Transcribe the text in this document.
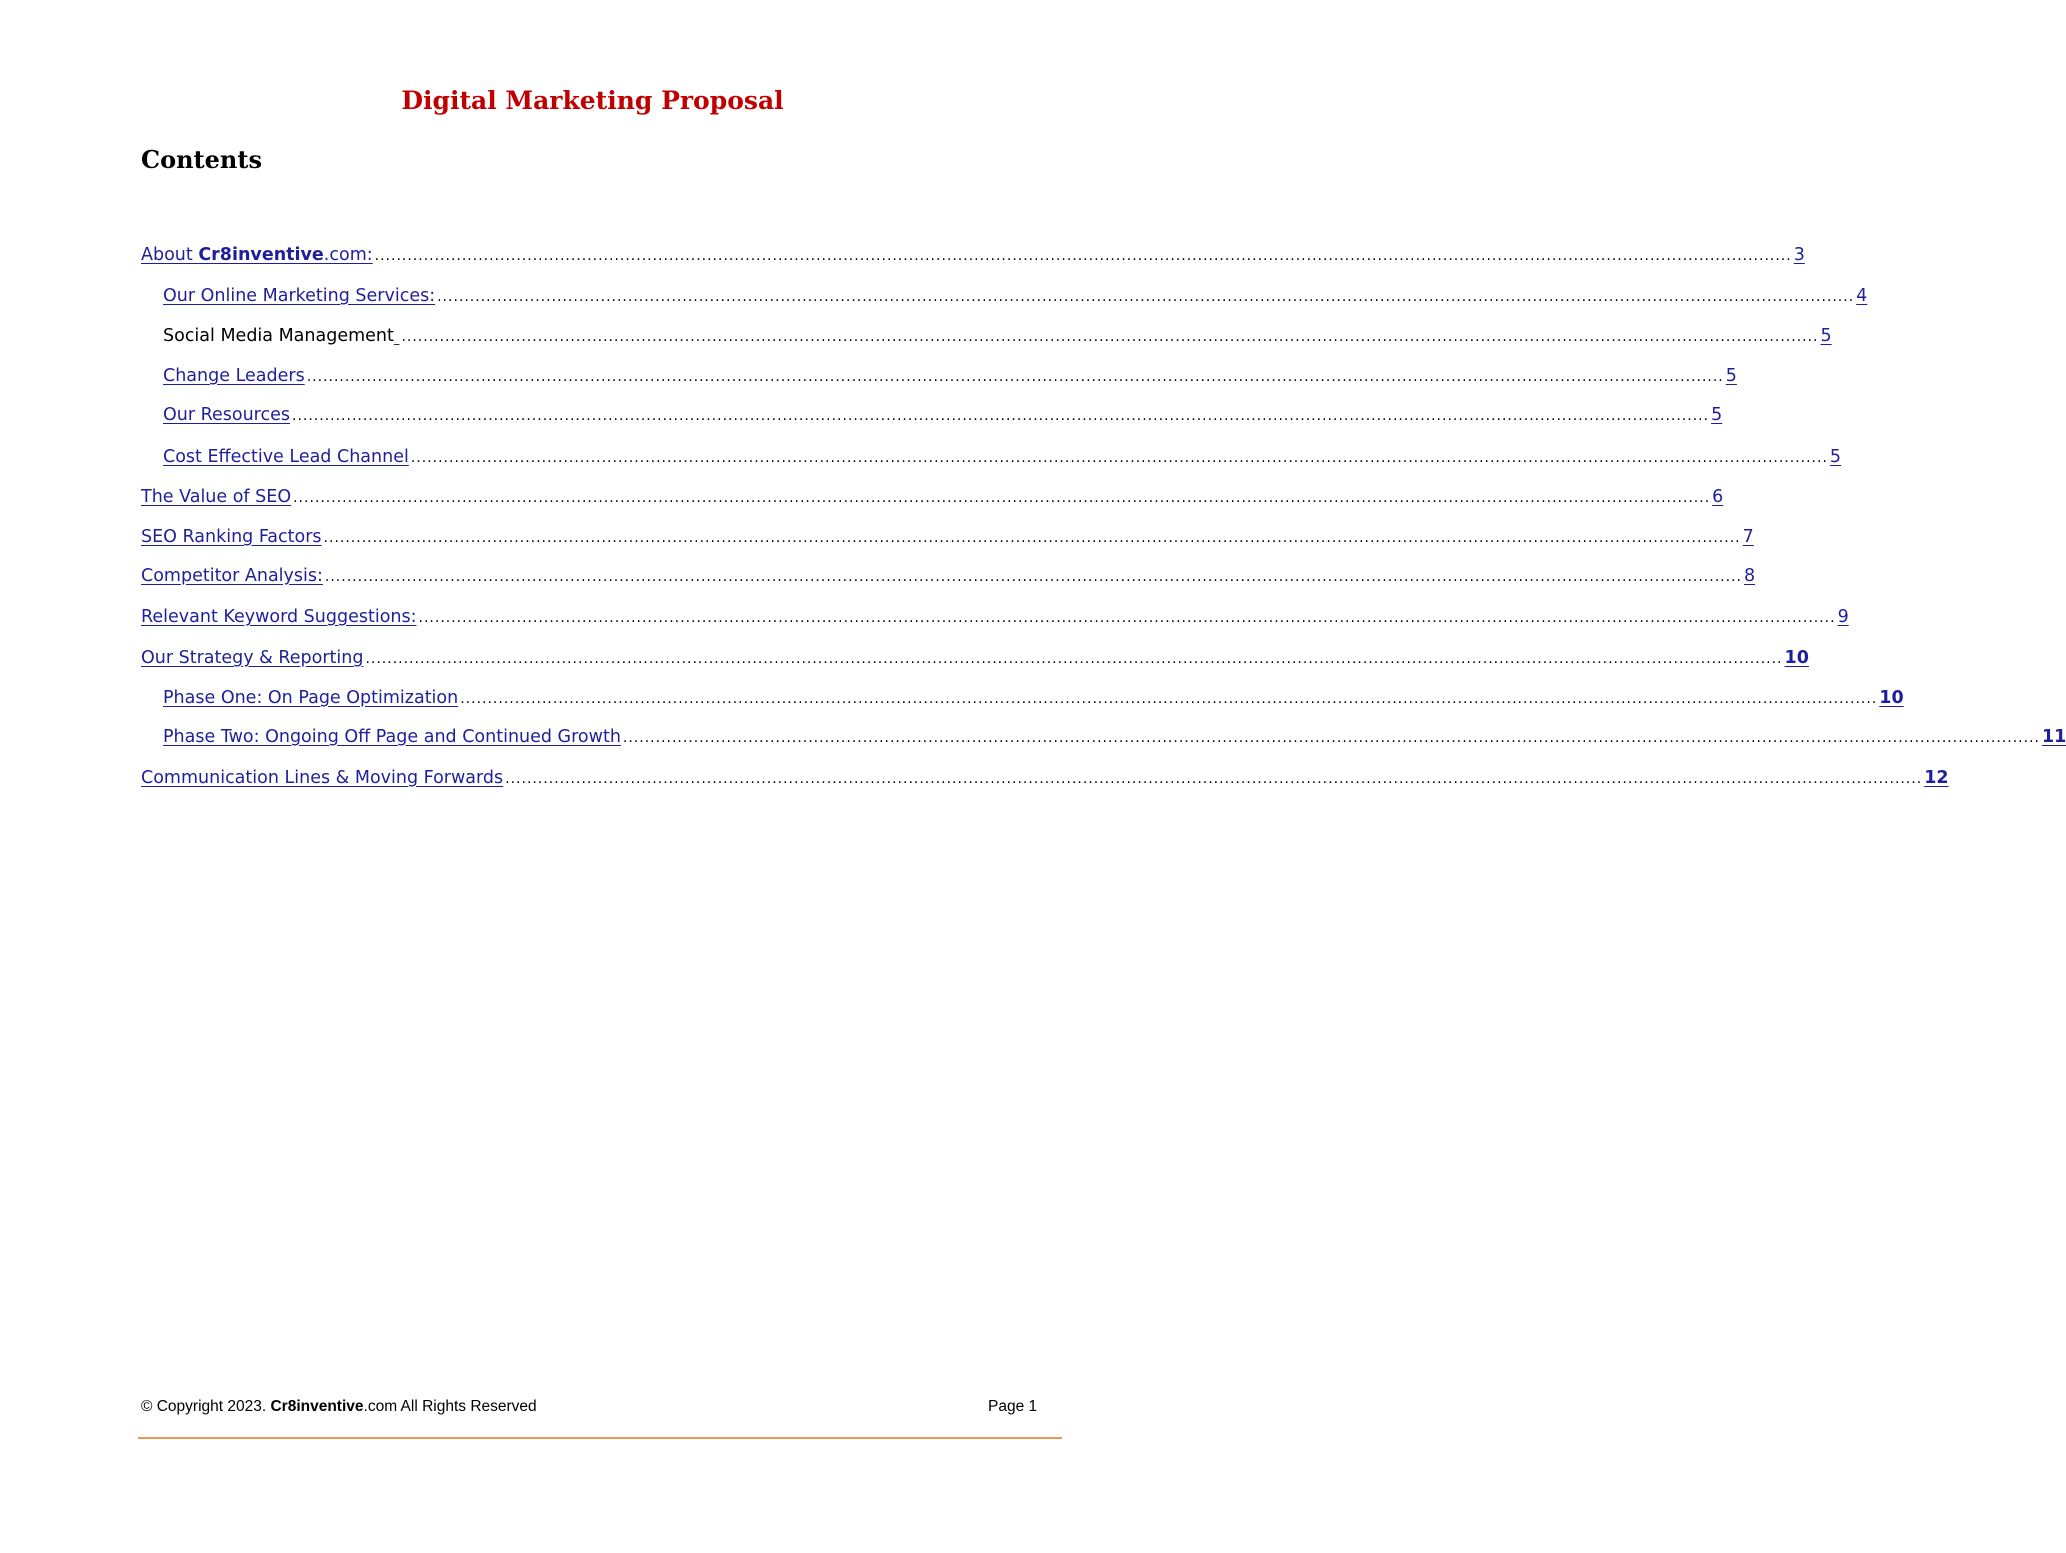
Digital Marketing Proposal
Contents
About Cr8inventive.com: .................................................................................................................................................................................................................................................................... 3
Our Online Marketing Services: .................................................................................................................................................................................................................................................................... 4
Social Media Management .................................................................................................................................................................................................................................................................... 5
Change Leaders .................................................................................................................................................................................................................................................................... 5
Our Resources .................................................................................................................................................................................................................................................................... 5
Cost Effective Lead Channel .................................................................................................................................................................................................................................................................... 5
The Value of SEO .................................................................................................................................................................................................................................................................... 6
SEO Ranking Factors .................................................................................................................................................................................................................................................................... 7
Competitor Analysis: .................................................................................................................................................................................................................................................................... 8
Relevant Keyword Suggestions: .................................................................................................................................................................................................................................................................... 9
Our Strategy & Reporting .................................................................................................................................................................................................................................................................... 10
Phase One: On Page Optimization .................................................................................................................................................................................................................................................................... 10
Phase Two: Ongoing Off Page and Continued Growth .................................................................................................................................................................................................................................................................... 11
Communication Lines & Moving Forwards .................................................................................................................................................................................................................................................................... 12
© Copyright 2023. Cr8inventive.com All Rights Reserved	Page 1
